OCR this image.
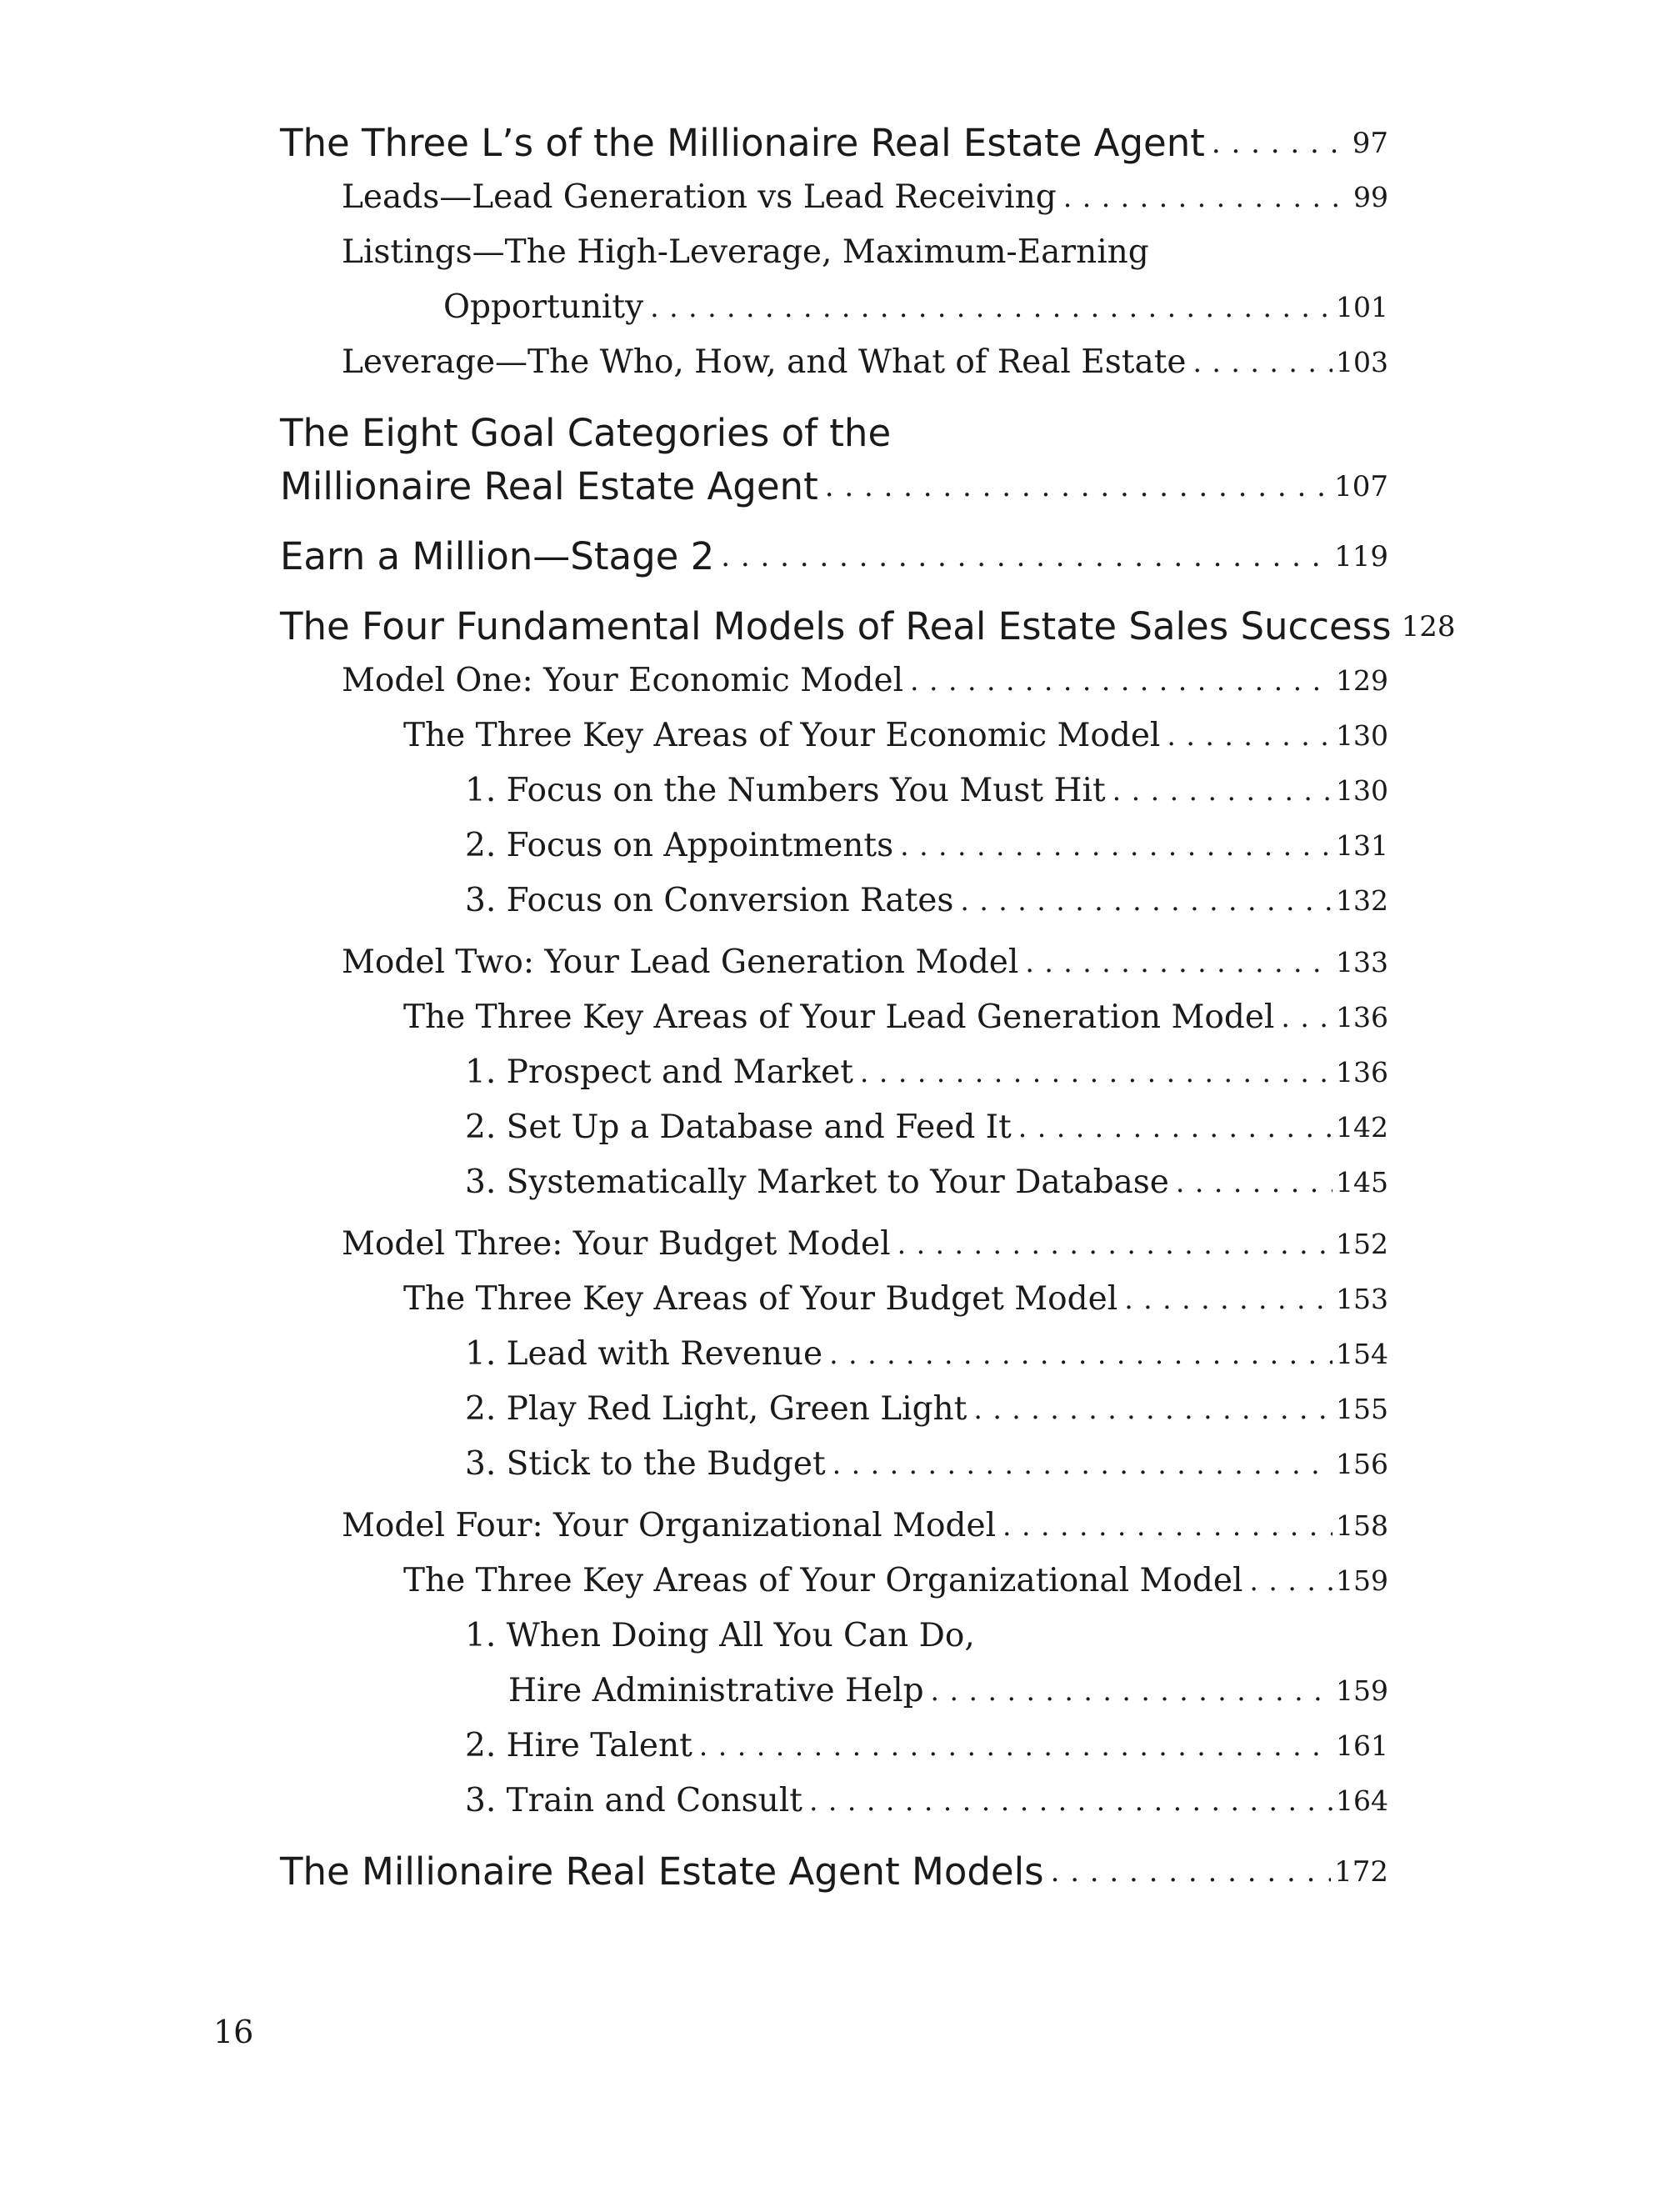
The Three L’s of the Millionaire Real Estate Agent . . .	97
Leads—Lead Generation vs Lead Receiving . . .	99
Listings—The High-Leverage, Maximum-Earning
Opportunity . . .	101
Leverage—The Who, How, and What of Real Estate . . .	103
The Eight Goal Categories of the
Millionaire Real Estate Agent . . .	107
Earn a Million—Stage 2 . . .	119
The Four Fundamental Models of Real Estate Sales Success 128
Model One: Your Economic Model . . .	129
The Three Key Areas of Your Economic Model . . .	130
1. Focus on the Numbers You Must Hit . . .	130
2. Focus on Appointments . . .	131
3. Focus on Conversion Rates . . .	132
Model Two: Your Lead Generation Model . . .	133
The Three Key Areas of Your Lead Generation Model . . . 136
1. Prospect and Market . . .	136
2. Set Up a Database and Feed It . . .	142
3. Systematically Market to Your Database . . .	145
Model Three: Your Budget Model . . .	152
The Three Key Areas of Your Budget Model . . .	153
1. Lead with Revenue . . .	154
2. Play Red Light, Green Light . . .	155
3. Stick to the Budget . . .	156
Model Four: Your Organizational Model . . .	158
The Three Key Areas of Your Organizational Model . . .	159
1. When Doing All You Can Do,
Hire Administrative Help . . .	159
2. Hire Talent . . .	161
3. Train and Consult . . .	164
The Millionaire Real Estate Agent Models . . .	172
16
